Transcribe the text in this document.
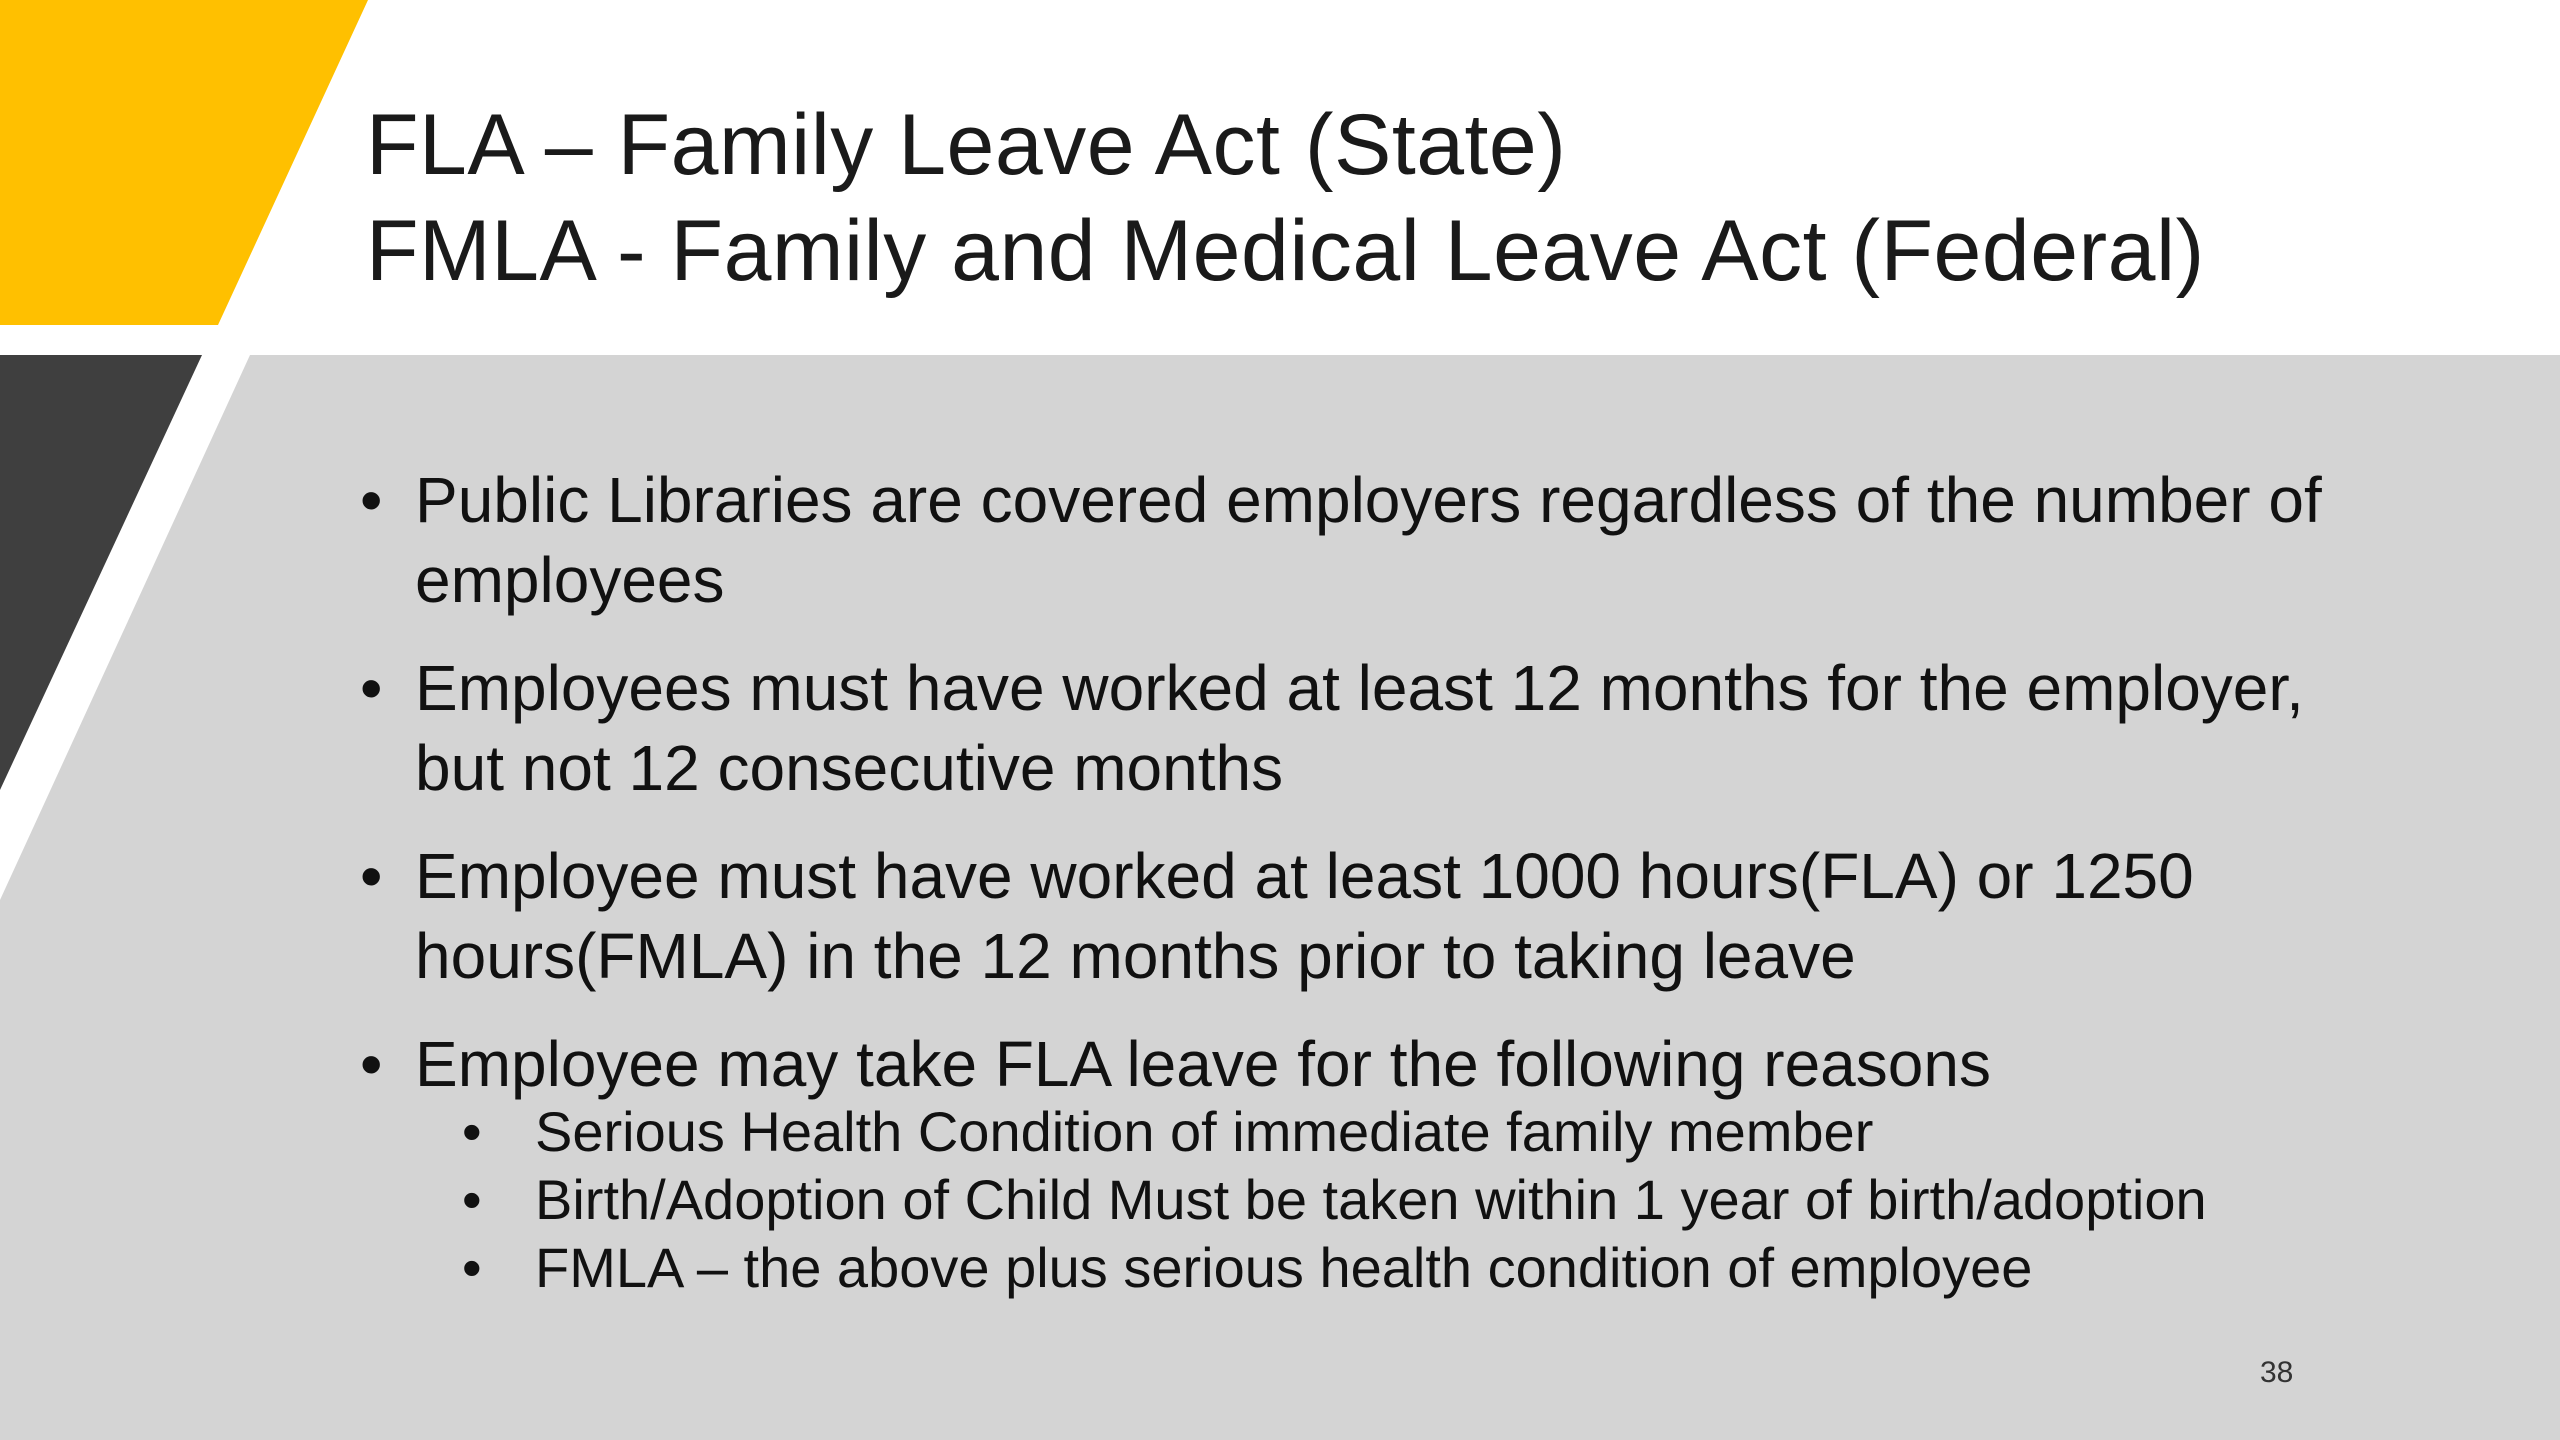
FLA – Family Leave Act (State)
FMLA - Family and Medical Leave Act (Federal)
• Public Libraries are covered employers regardless of the number of employees
• Employees must have worked at least 12 months for the employer, but not 12 consecutive months
• Employee must have worked at least 1000 hours(FLA) or 1250 hours(FMLA) in the 12 months prior to taking leave
• Employee may take FLA leave for the following reasons
• Serious Health Condition of immediate family member
• Birth/Adoption of Child Must be taken within 1 year of birth/adoption
• FMLA – the above plus serious health condition of employee
38
